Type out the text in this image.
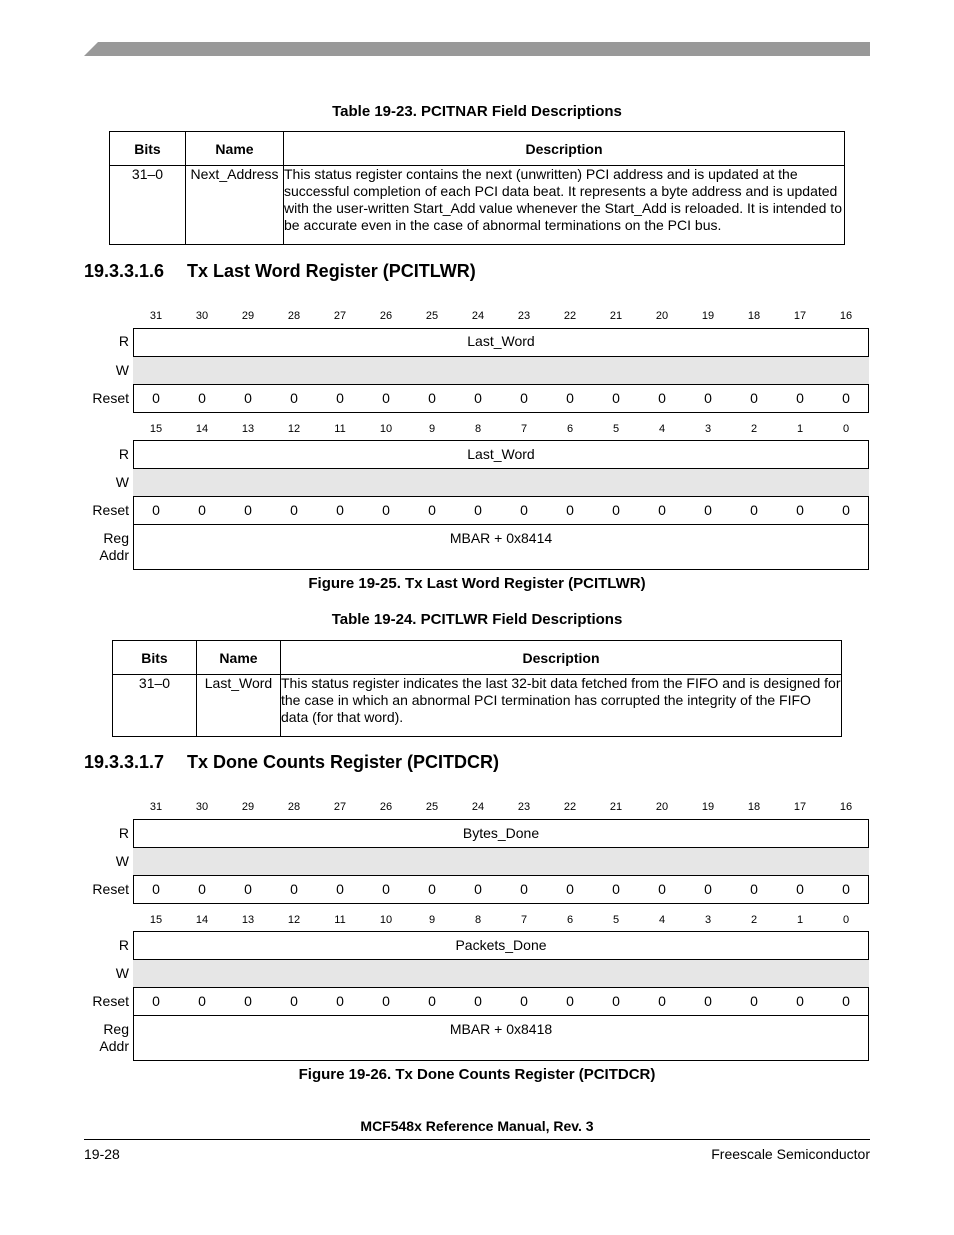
Table 19-23. PCITNAR Field Descriptions
Bits	Name	Description
31–0	Next_Address	This status register contains the next (unwritten) PCI address and is updated at the successful completion of each PCI data beat. It represents a byte address and is updated with the user-written Start_Add value whenever the Start_Add is reloaded. It is intended to be accurate even in the case of abnormal terminations on the PCI bus.
19.3.3.1.6 Tx Last Word Register (PCITLWR)
31	30	29	28	27	26	25	24	23	22	21	20	19	18	17	16
R	Last_Word
W
Reset	0	0	0	0	0	0	0	0	0	0	0	0	0	0	0	0
15	14	13	12	11	10	9	8	7	6	5	4	3	2	1	0
R	Last_Word
W
Reset	0	0	0	0	0	0	0	0	0	0	0	0	0	0	0	0
Reg
Addr
MBAR + 0x8414
Figure 19-25. Tx Last Word Register (PCITLWR)
Table 19-24. PCITLWR Field Descriptions
Bits	Name	Description
31–0	Last_Word	This status register indicates the last 32-bit data fetched from the FIFO and is designed for the case in which an abnormal PCI termination has corrupted the integrity of the FIFO data (for that word).
19.3.3.1.7 Tx Done Counts Register (PCITDCR)
31	30	29	28	27	26	25	24	23	22	21	20	19	18	17	16
R	Bytes_Done
W
Reset	0	0	0	0	0	0	0	0	0	0	0	0	0	0	0	0
15	14	13	12	11	10	9	8	7	6	5	4	3	2	1	0
R	Packets_Done
W
Reset	0	0	0	0	0	0	0	0	0	0	0	0	0	0	0	0
Reg
Addr
MBAR + 0x8418
Figure 19-26. Tx Done Counts Register (PCITDCR)
MCF548x Reference Manual, Rev. 3
19-28	Freescale Semiconductor
